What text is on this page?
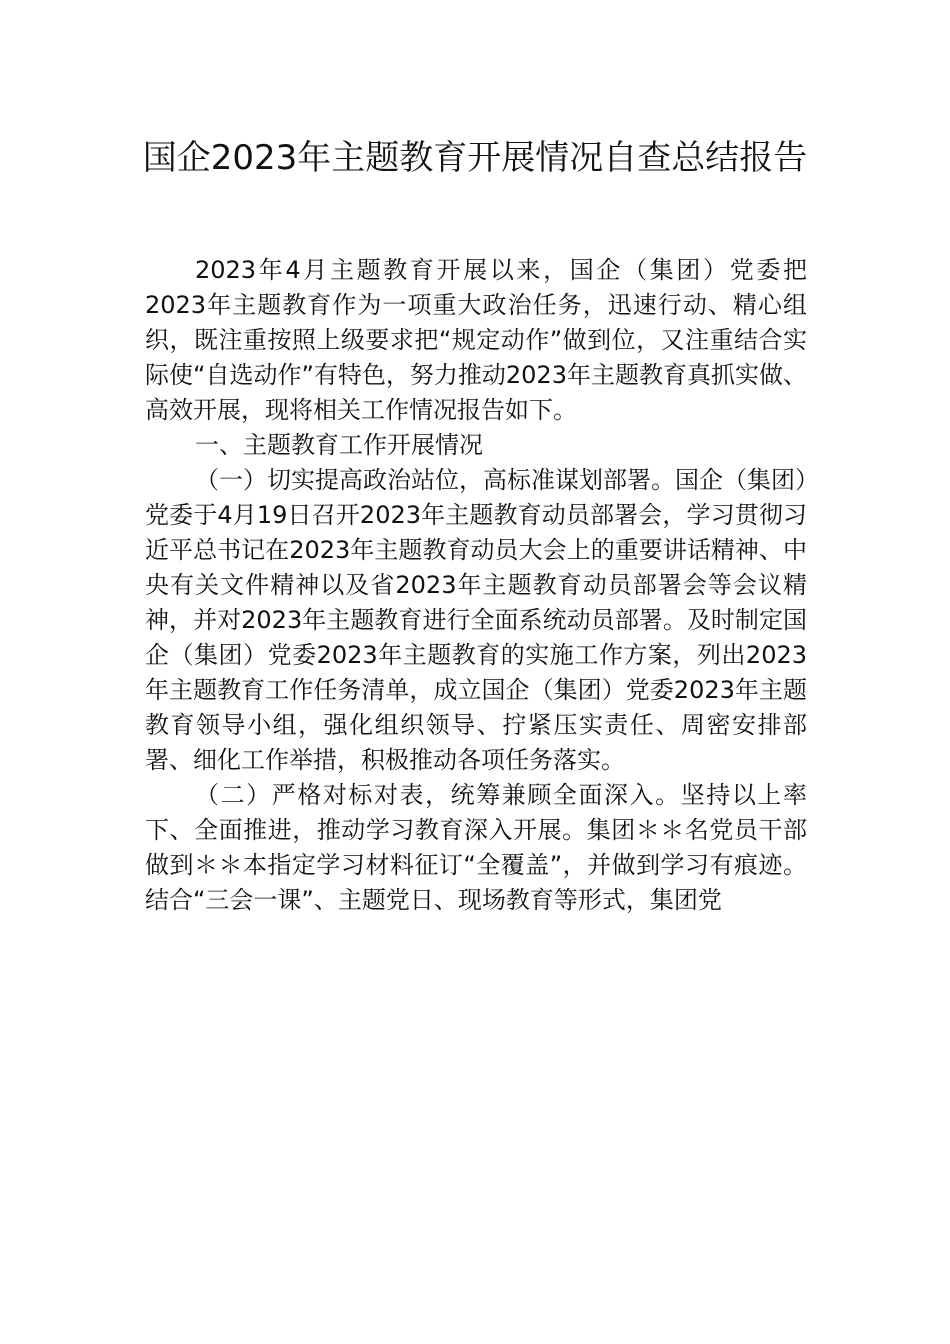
国企2023年主题教育开展情况自查总结报告

2023年4月主题教育开展以来，国企（集团）党委把2023年主题教育作为一项重大政治任务，迅速行动、精心组织，既注重按照上级要求把“规定动作”做到位，又注重结合实际使“自选动作”有特色，努力推动2023年主题教育真抓实做、高效开展，现将相关工作情况报告如下。

一、主题教育工作开展情况

（一）切实提高政治站位，高标准谋划部署。国企（集团）党委于4月19日召开2023年主题教育动员部署会，学习贯彻习近平总书记在2023年主题教育动员大会上的重要讲话精神、中央有关文件精神以及省2023年主题教育动员部署会等会议精神，并对2023年主题教育进行全面系统动员部署。及时制定国企（集团）党委2023年主题教育的实施工作方案，列出2023年主题教育工作任务清单，成立国企（集团）党委2023年主题教育领导小组，强化组织领导、拧紧压实责任、周密安排部署、细化工作举措，积极推动各项任务落实。

（二）严格对标对表，统筹兼顾全面深入。坚持以上率下、全面推进，推动学习教育深入开展。集团＊＊名党员干部做到＊＊本指定学习材料征订“全覆盖”，并做到学习有痕迹。结合“三会一课”、主题党日、现场教育等形式，集团党
